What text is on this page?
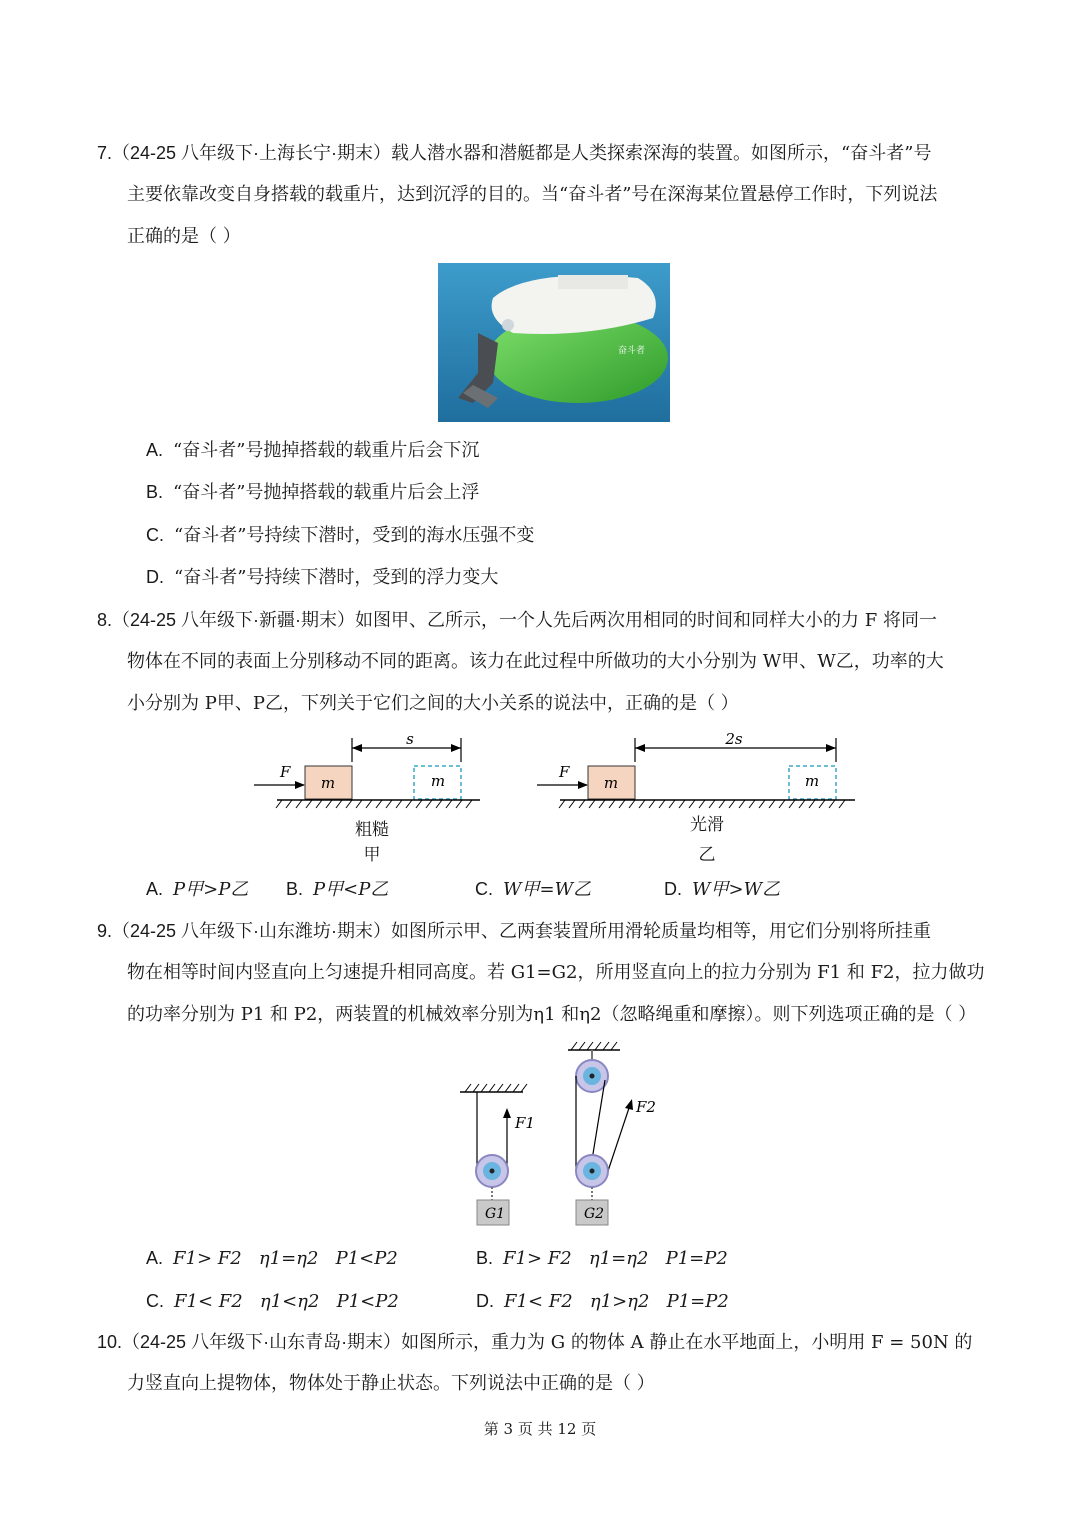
7.（24-25 八年级下·上海长宁·期末）载人潜水器和潜艇都是人类探索深海的装置。如图所示，“奋斗者”号
主要依靠改变自身搭载的载重片，达到沉浮的目的。当“奋斗者”号在深海某位置悬停工作时，下列说法
正确的是（ ）
奋斗者
A. “奋斗者”号抛掉搭载的载重片后会下沉
B. “奋斗者”号抛掉搭载的载重片后会上浮
C. “奋斗者”号持续下潜时，受到的海水压强不变
D. “奋斗者”号持续下潜时，受到的浮力变大
8.（24-25 八年级下·新疆·期末）如图甲、乙所示，一个人先后两次用相同的时间和同样大小的力 F 将同一
物体在不同的表面上分别移动不同的距离。该力在此过程中所做功的大小分别为 W甲、W乙，功率的大
小分别为 P甲、P乙，下列关于它们之间的大小关系的说法中，正确的是（ ）
s
F
m	m
粗糙
甲
2s
F
m	m
光滑
乙
A. P甲>P乙 B. P甲<P乙	C. W甲=W乙	D. W甲>W乙
9.（24-25 八年级下·山东潍坊·期末）如图所示甲、乙两套装置所用滑轮质量均相等，用它们分别将所挂重
物在相等时间内竖直向上匀速提升相同高度。若 G1=G2，所用竖直向上的拉力分别为 F1 和 F2，拉力做功
的功率分别为 P1 和 P2，两装置的机械效率分别为η1 和η2（忽略绳重和摩擦）。则下列选项正确的是（ ）
F1
G1
F2
G2
A. F1> F2   η1=η2   P1<P2	B. F1> F2   η1=η2   P1=P2
C. F1< F2   η1<η2   P1<P2	D. F1< F2   η1>η2   P1=P2
10.（24-25 八年级下·山东青岛·期末）如图所示，重力为 G 的物体 A 静止在水平地面上，小明用 F = 50N 的
力竖直向上提物体，物体处于静止状态。下列说法中正确的是（ ）
第 3 页 共 12 页
